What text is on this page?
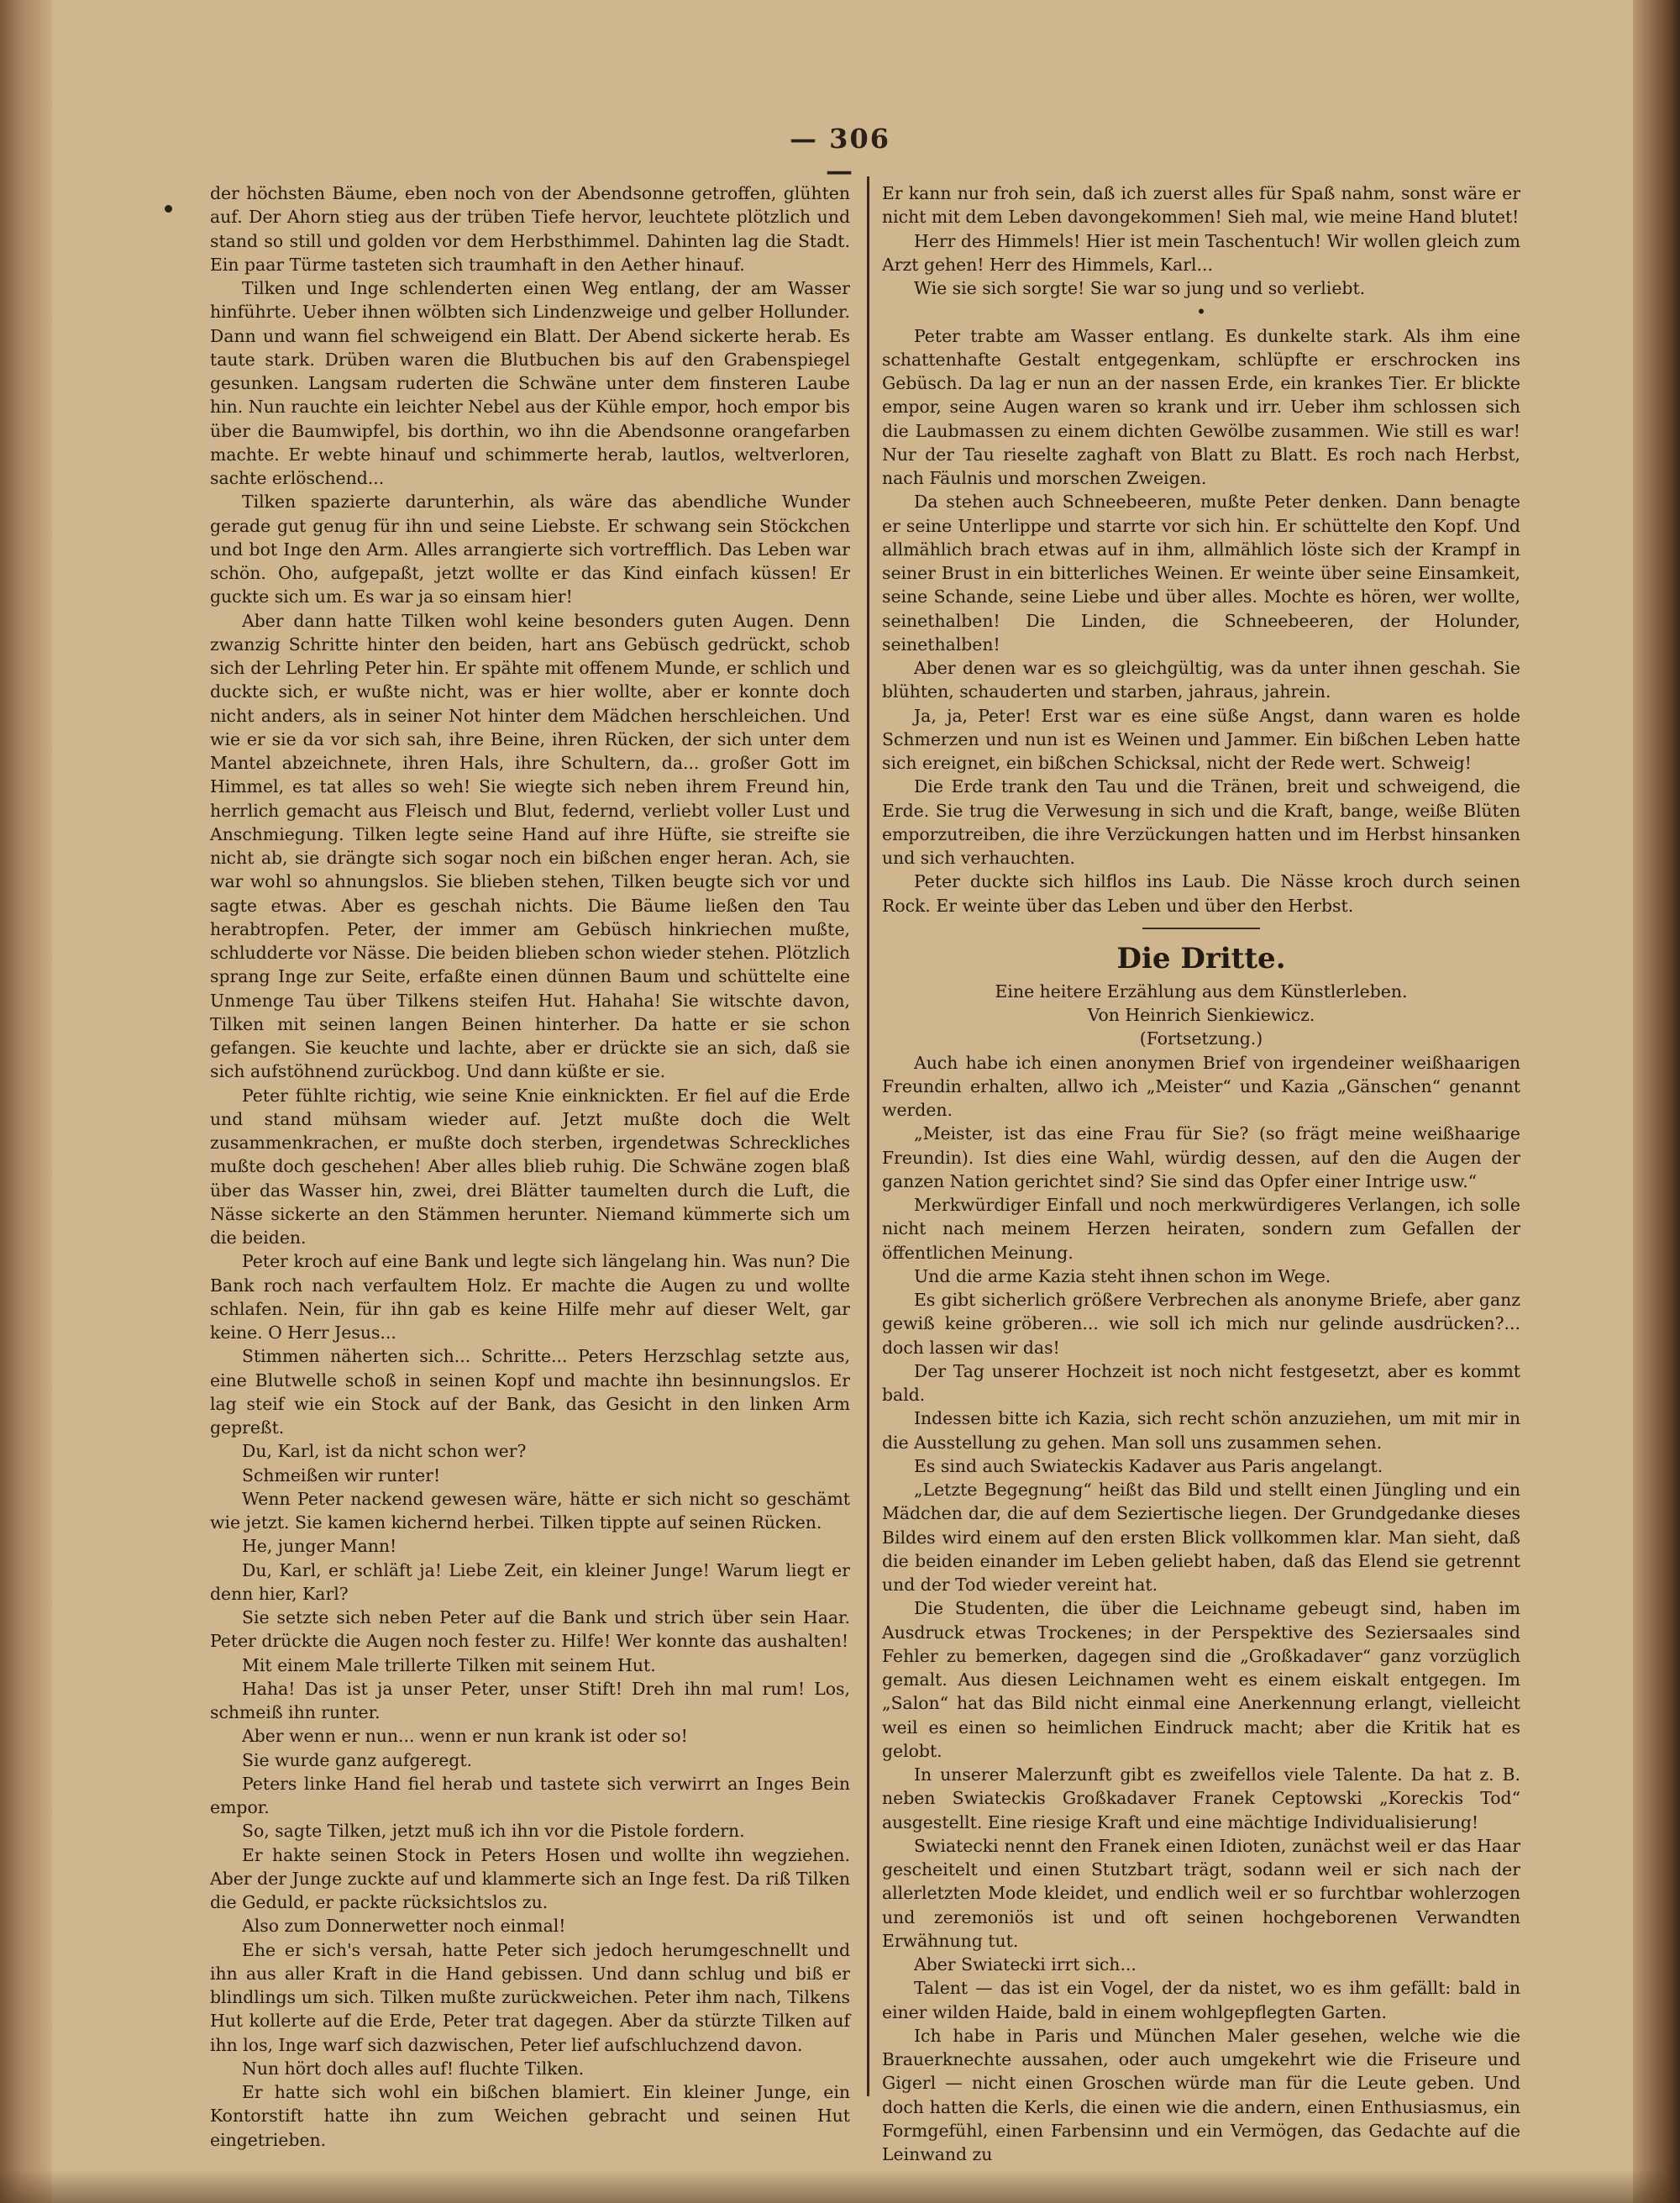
— 306 —

der höchsten Bäume, eben noch von der Abendsonne getroffen, glühten auf. Der Ahorn stieg aus der trüben Tiefe hervor, leuchtete plötzlich und stand so still und golden vor dem Herbsthimmel. Dahinten lag die Stadt. Ein paar Türme tasteten sich traumhaft in den Aether hinauf.

Tilken und Inge schlenderten einen Weg entlang, der am Wasser hinführte. Ueber ihnen wölbten sich Lindenzweige und gelber Hollunder. Dann und wann fiel schweigend ein Blatt. Der Abend sickerte herab. Es taute stark. Drüben waren die Blutbuchen bis auf den Grabenspiegel gesunken. Langsam ruderten die Schwäne unter dem finsteren Laube hin. Nun rauchte ein leichter Nebel aus der Kühle empor, hoch empor bis über die Baumwipfel, bis dorthin, wo ihn die Abendsonne orangefarben machte. Er webte hinauf und schimmerte herab, lautlos, weltverloren, sachte erlöschend...

Tilken spazierte darunterhin, als wäre das abendliche Wunder gerade gut genug für ihn und seine Liebste. Er schwang sein Stöckchen und bot Inge den Arm. Alles arrangierte sich vortrefflich. Das Leben war schön. Oho, aufgepaßt, jetzt wollte er das Kind einfach küssen! Er guckte sich um. Es war ja so einsam hier!

Aber dann hatte Tilken wohl keine besonders guten Augen. Denn zwanzig Schritte hinter den beiden, hart ans Gebüsch gedrückt, schob sich der Lehrling Peter hin. Er spähte mit offenem Munde, er schlich und duckte sich, er wußte nicht, was er hier wollte, aber er konnte doch nicht anders, als in seiner Not hinter dem Mädchen herschleichen. Und wie er sie da vor sich sah, ihre Beine, ihren Rücken, der sich unter dem Mantel abzeichnete, ihren Hals, ihre Schultern, da... großer Gott im Himmel, es tat alles so weh! Sie wiegte sich neben ihrem Freund hin, herrlich gemacht aus Fleisch und Blut, federnd, verliebt voller Lust und Anschmiegung. Tilken legte seine Hand auf ihre Hüfte, sie streifte sie nicht ab, sie drängte sich sogar noch ein bißchen enger heran. Ach, sie war wohl so ahnungslos. Sie blieben stehen, Tilken beugte sich vor und sagte etwas. Aber es geschah nichts. Die Bäume ließen den Tau herabtropfen. Peter, der immer am Gebüsch hinkriechen mußte, schludderte vor Nässe. Die beiden blieben schon wieder stehen. Plötzlich sprang Inge zur Seite, erfaßte einen dünnen Baum und schüttelte eine Unmenge Tau über Tilkens steifen Hut. Hahaha! Sie witschte davon, Tilken mit seinen langen Beinen hinterher. Da hatte er sie schon gefangen. Sie keuchte und lachte, aber er drückte sie an sich, daß sie sich aufstöhnend zurückbog. Und dann küßte er sie.

Peter fühlte richtig, wie seine Knie einknickten. Er fiel auf die Erde und stand mühsam wieder auf. Jetzt mußte doch die Welt zusammenkrachen, er mußte doch sterben, irgendetwas Schreckliches mußte doch geschehen! Aber alles blieb ruhig. Die Schwäne zogen blaß über das Wasser hin, zwei, drei Blätter taumelten durch die Luft, die Nässe sickerte an den Stämmen herunter. Niemand kümmerte sich um die beiden.

Peter kroch auf eine Bank und legte sich längelang hin. Was nun? Die Bank roch nach verfaultem Holz. Er machte die Augen zu und wollte schlafen. Nein, für ihn gab es keine Hilfe mehr auf dieser Welt, gar keine. O Herr Jesus...

Stimmen näherten sich... Schritte... Peters Herzschlag setzte aus, eine Blutwelle schoß in seinen Kopf und machte ihn besinnungslos. Er lag steif wie ein Stock auf der Bank, das Gesicht in den linken Arm gepreßt.

Du, Karl, ist da nicht schon wer?

Schmeißen wir runter!

Wenn Peter nackend gewesen wäre, hätte er sich nicht so geschämt wie jetzt. Sie kamen kichernd herbei. Tilken tippte auf seinen Rücken.

He, junger Mann!

Du, Karl, er schläft ja! Liebe Zeit, ein kleiner Junge! Warum liegt er denn hier, Karl?

Sie setzte sich neben Peter auf die Bank und strich über sein Haar. Peter drückte die Augen noch fester zu. Hilfe! Wer konnte das aushalten!

Mit einem Male trillerte Tilken mit seinem Hut.

Haha! Das ist ja unser Peter, unser Stift! Dreh ihn mal rum! Los, schmeiß ihn runter.

Aber wenn er nun... wenn er nun krank ist oder so!

Sie wurde ganz aufgeregt.

Peters linke Hand fiel herab und tastete sich verwirrt an Inges Bein empor.

So, sagte Tilken, jetzt muß ich ihn vor die Pistole fordern.

Er hakte seinen Stock in Peters Hosen und wollte ihn wegziehen. Aber der Junge zuckte auf und klammerte sich an Inge fest. Da riß Tilken die Geduld, er packte rücksichtslos zu.

Also zum Donnerwetter noch einmal!

Ehe er sich's versah, hatte Peter sich jedoch herumgeschnellt und ihn aus aller Kraft in die Hand gebissen. Und dann schlug und biß er blindlings um sich. Tilken mußte zurückweichen. Peter ihm nach, Tilkens Hut kollerte auf die Erde, Peter trat dagegen. Aber da stürzte Tilken auf ihn los, Inge warf sich dazwischen, Peter lief aufschluchzend davon.

Nun hört doch alles auf! fluchte Tilken.

Er hatte sich wohl ein bißchen blamiert. Ein kleiner Junge, ein Kontorstift hatte ihn zum Weichen gebracht und seinen Hut eingetrieben.

Er kann nur froh sein, daß ich zuerst alles für Spaß nahm, sonst wäre er nicht mit dem Leben davongekommen! Sieh mal, wie meine Hand blutet!

Herr des Himmels! Hier ist mein Taschentuch! Wir wollen gleich zum Arzt gehen! Herr des Himmels, Karl...

Wie sie sich sorgte! Sie war so jung und so verliebt.

•

Peter trabte am Wasser entlang. Es dunkelte stark. Als ihm eine schattenhafte Gestalt entgegenkam, schlüpfte er erschrocken ins Gebüsch. Da lag er nun an der nassen Erde, ein krankes Tier. Er blickte empor, seine Augen waren so krank und irr. Ueber ihm schlossen sich die Laubmassen zu einem dichten Gewölbe zusammen. Wie still es war! Nur der Tau rieselte zaghaft von Blatt zu Blatt. Es roch nach Herbst, nach Fäulnis und morschen Zweigen.

Da stehen auch Schneebeeren, mußte Peter denken. Dann benagte er seine Unterlippe und starrte vor sich hin. Er schüttelte den Kopf. Und allmählich brach etwas auf in ihm, allmählich löste sich der Krampf in seiner Brust in ein bitterliches Weinen. Er weinte über seine Einsamkeit, seine Schande, seine Liebe und über alles. Mochte es hören, wer wollte, seinethalben! Die Linden, die Schneebeeren, der Holunder, seinethalben!

Aber denen war es so gleichgültig, was da unter ihnen geschah. Sie blühten, schauderten und starben, jahraus, jahrein.

Ja, ja, Peter! Erst war es eine süße Angst, dann waren es holde Schmerzen und nun ist es Weinen und Jammer. Ein bißchen Leben hatte sich ereignet, ein bißchen Schicksal, nicht der Rede wert. Schweig!

Die Erde trank den Tau und die Tränen, breit und schweigend, die Erde. Sie trug die Verwesung in sich und die Kraft, bange, weiße Blüten emporzutreiben, die ihre Verzückungen hatten und im Herbst hinsanken und sich verhauchten.

Peter duckte sich hilflos ins Laub. Die Nässe kroch durch seinen Rock. Er weinte über das Leben und über den Herbst.

Die Dritte.

Eine heitere Erzählung aus dem Künstlerleben.

Von Heinrich Sienkiewicz.

(Fortsetzung.)

Auch habe ich einen anonymen Brief von irgendeiner weißhaarigen Freundin erhalten, allwo ich „Meister“ und Kazia „Gänschen“ genannt werden.

„Meister, ist das eine Frau für Sie? (so frägt meine weißhaarige Freundin). Ist dies eine Wahl, würdig dessen, auf den die Augen der ganzen Nation gerichtet sind? Sie sind das Opfer einer Intrige usw.“

Merkwürdiger Einfall und noch merkwürdigeres Verlangen, ich solle nicht nach meinem Herzen heiraten, sondern zum Gefallen der öffentlichen Meinung.

Und die arme Kazia steht ihnen schon im Wege.

Es gibt sicherlich größere Verbrechen als anonyme Briefe, aber ganz gewiß keine gröberen... wie soll ich mich nur gelinde ausdrücken?... doch lassen wir das!

Der Tag unserer Hochzeit ist noch nicht festgesetzt, aber es kommt bald.

Indessen bitte ich Kazia, sich recht schön anzuziehen, um mit mir in die Ausstellung zu gehen. Man soll uns zusammen sehen.

Es sind auch Swiateckis Kadaver aus Paris angelangt.

„Letzte Begegnung“ heißt das Bild und stellt einen Jüngling und ein Mädchen dar, die auf dem Seziertische liegen. Der Grundgedanke dieses Bildes wird einem auf den ersten Blick vollkommen klar. Man sieht, daß die beiden einander im Leben geliebt haben, daß das Elend sie getrennt und der Tod wieder vereint hat.

Die Studenten, die über die Leichname gebeugt sind, haben im Ausdruck etwas Trockenes; in der Perspektive des Seziersaales sind Fehler zu bemerken, dagegen sind die „Großkadaver“ ganz vorzüglich gemalt. Aus diesen Leichnamen weht es einem eiskalt entgegen. Im „Salon“ hat das Bild nicht einmal eine Anerkennung erlangt, vielleicht weil es einen so heimlichen Eindruck macht; aber die Kritik hat es gelobt.

In unserer Malerzunft gibt es zweifellos viele Talente. Da hat z. B. neben Swiateckis Großkadaver Franek Ceptowski „Koreckis Tod“ ausgestellt. Eine riesige Kraft und eine mächtige Individualisierung!

Swiatecki nennt den Franek einen Idioten, zunächst weil er das Haar gescheitelt und einen Stutzbart trägt, sodann weil er sich nach der allerletzten Mode kleidet, und endlich weil er so furchtbar wohlerzogen und zeremoniös ist und oft seinen hochgeborenen Verwandten Erwähnung tut.

Aber Swiatecki irrt sich...

Talent — das ist ein Vogel, der da nistet, wo es ihm gefällt: bald in einer wilden Haide, bald in einem wohlgepflegten Garten.

Ich habe in Paris und München Maler gesehen, welche wie die Brauerknechte aussahen, oder auch umgekehrt wie die Friseure und Gigerl — nicht einen Groschen würde man für die Leute geben. Und doch hatten die Kerls, die einen wie die andern, einen Enthusiasmus, ein Formgefühl, einen Farbensinn und ein Vermögen, das Gedachte auf die Leinwand zu
